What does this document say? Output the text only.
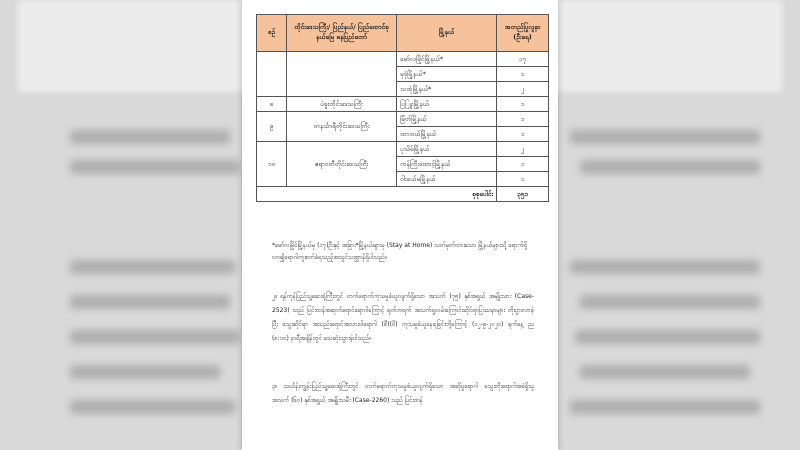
စဉ်	တိုင်းဒေသကြီး/ ပြည်နယ်/ ပြည်ထောင်စုနယ်မြေ ဓနပြည်တော်	မြို့နယ်	အတည်ပြုလူနာ (ဦးရေ)
		မော်လမြိုင်မြို့နယ်*	၁၇
		မုဒုံမြို့နယ်*	၁
		သထုံမြို့နယ်*	၂
၈	ပဲခူးတိုင်းဒေသကြီး	ပြြူးမြို့နယ်	၁
၉	တနင်္သာရီတိုင်းဒေသကြီး	မြိတ်မြို့နယ်	၁
		ထားဝယ်မြို့နယ်	၁
၁၀	ဧရာဝတီတိုင်းဒေသကြီး	ပုသိမ်မြို့နယ်	၂
		ကန်ကြီးထောင့်မြို့နယ်	၁
		ဝါးခယ်မမြို့နယ်	၁
စုစုပေါင်း			၃၅၁
*မော်လမြိုင်မြို့နယ်မှ (၁၇)ဦးနှင့် အခြား*မြို့နယ်များမှ (Stay at Home) သတ်မှတ်ထားသော မြို့နယ်များသို့ ရောက်ရှိလာ၍ရောဂါကူးစက်ခံရသည့်အသွင်သဏ္ဌာန်ရှိပါသည်။
၂။ ရန်ကုန်ပြည်သူ့ဆေးရုံကြီးတွင် တက်ရောက်ကုသမှုခံယူလျက်ရှိသော အသက် (၇၅) နှစ်အရွယ် အမျိုးသား (Case-2523) သည် ပြင်းထန်အဆုတ်ရောင်ရောဂါကြောင့် ရုတ်တရက် အသက်ရှုလမ်းကြောင်းဆိုင်ရာပြဿနာများ တိုးပွားလာခဲ့ပြီး သွေးဆိုင်ရာ အသည်းရောင်အသားဝါရောဂါ (စီ)(ဝိ) ကုသမှုခံယူနေရခြင်းတို့ကြောင့် (၁၂-၉-၂၀၂၀) ရက်နေ့ ည (၈:၁၀) နာရီအချိန်တွင် သေဆုံးသွားခဲ့ပါသည်။
၃။ သင်္ဃန်းကျွန်းပြည်သူ့ဆေးရုံကြီးတွင် တက်ရောက်ကုသမှုခံယူလျက်ရှိသော အဆိုပွရောဂါ သွေးတိုးရောဂါအခံရှိသူ အသက် (၆၀) နှစ်အရွယ် အမျိုးသမီး (Case-2260) သည် ပြင်းထန်
